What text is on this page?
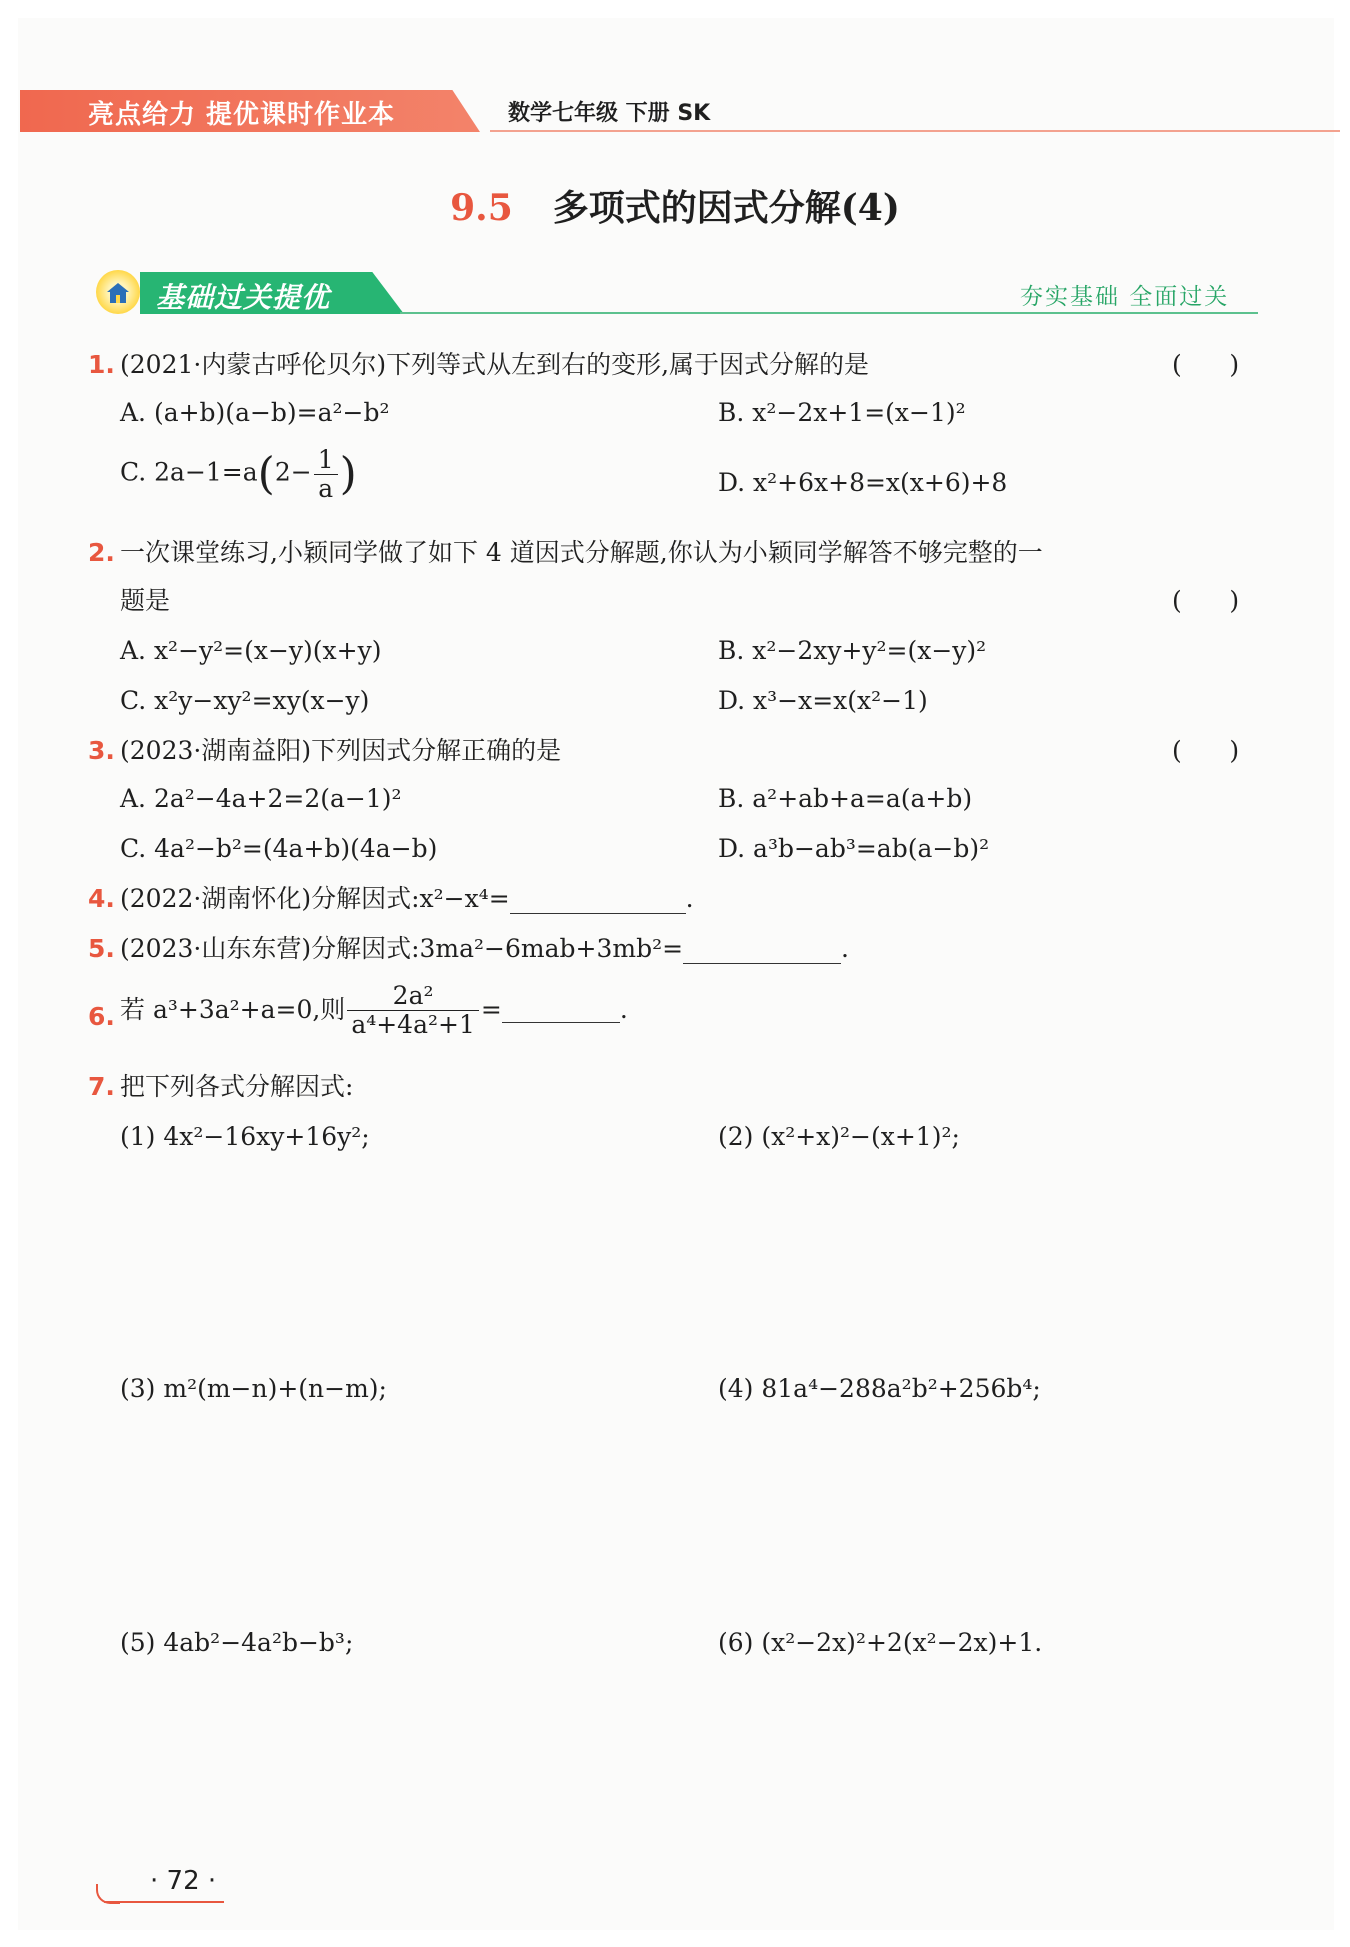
亮点给力 提优课时作业本	数学七年级 下册 SK
9.5 多项式的因式分解(4)
基础过关提优	夯实基础 全面过关
1. (2021·内蒙古呼伦贝尔)下列等式从左到右的变形,属于因式分解的是	(      )
A. (a+b)(a−b)=a²−b²	B. x²−2x+1=(x−1)²
C. $2a-1=a(2- \frac{1}{a}$ )	D. x²+6x+8=x(x+6)+8
2. 一次课堂练习,小颖同学做了如下 4 道因式分解题,你认为小颖同学解答不够完整的一
题是	(      )
A. x²−y²=(x−y)(x+y)	B. x²−2xy+y²=(x−y)²
C. x²y−xy²=xy(x−y)	D. x³−x=x(x²−1)
3. (2023·湖南益阳)下列因式分解正确的是	(      )
A. 2a²−4a+2=2(a−1)²	B. a²+ab+a=a(a+b)
C. 4a²−b²=(4a+b)(4a−b)	D. a³b−ab³=ab(a−b)²
4. (2022·湖南怀化)分解因式:x²−x⁴=	.
5. (2023·山东东营)分解因式:3ma²−6mab+3mb²=	.
6. 若 a³+3a²+a=0,则 $\frac{\text{2a²}}{\text{a⁴+4a²+1}}$ =	.
7. 把下列各式分解因式:
(1) 4x²−16xy+16y²;	(2) (x²+x)²−(x+1)²;
(3) m²(m−n)+(n−m);	(4) 81a⁴−288a²b²+256b⁴;
(5) 4ab²−4a²b−b³;	(6) (x²−2x)²+2(x²−2x)+1.
· 72 ·
